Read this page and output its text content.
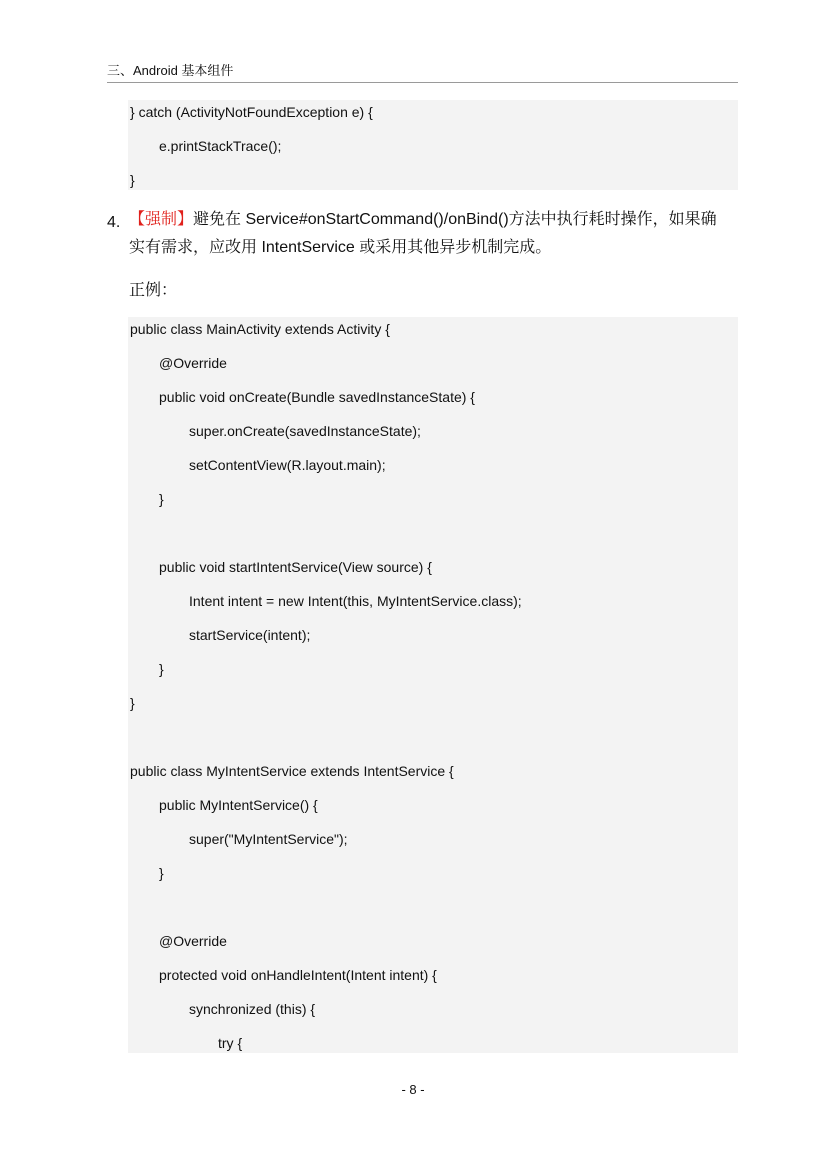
三、Android 基本组件
} catch (ActivityNotFoundException e) {
e.printStackTrace();
}
4. 【强制】避免在 Service#onStartCommand()/onBind()方法中执行耗时操作，如果确
实有需求，应改用 IntentService 或采用其他异步机制完成。
正例：
public class MainActivity extends Activity {
@Override
public void onCreate(Bundle savedInstanceState) {
super.onCreate(savedInstanceState);
setContentView(R.layout.main);
}
public void startIntentService(View source) {
Intent intent = new Intent(this, MyIntentService.class);
startService(intent);
}
}
public class MyIntentService extends IntentService {
public MyIntentService() {
super("MyIntentService");
}
@Override
protected void onHandleIntent(Intent intent) {
synchronized (this) {
try {
- 8 -
